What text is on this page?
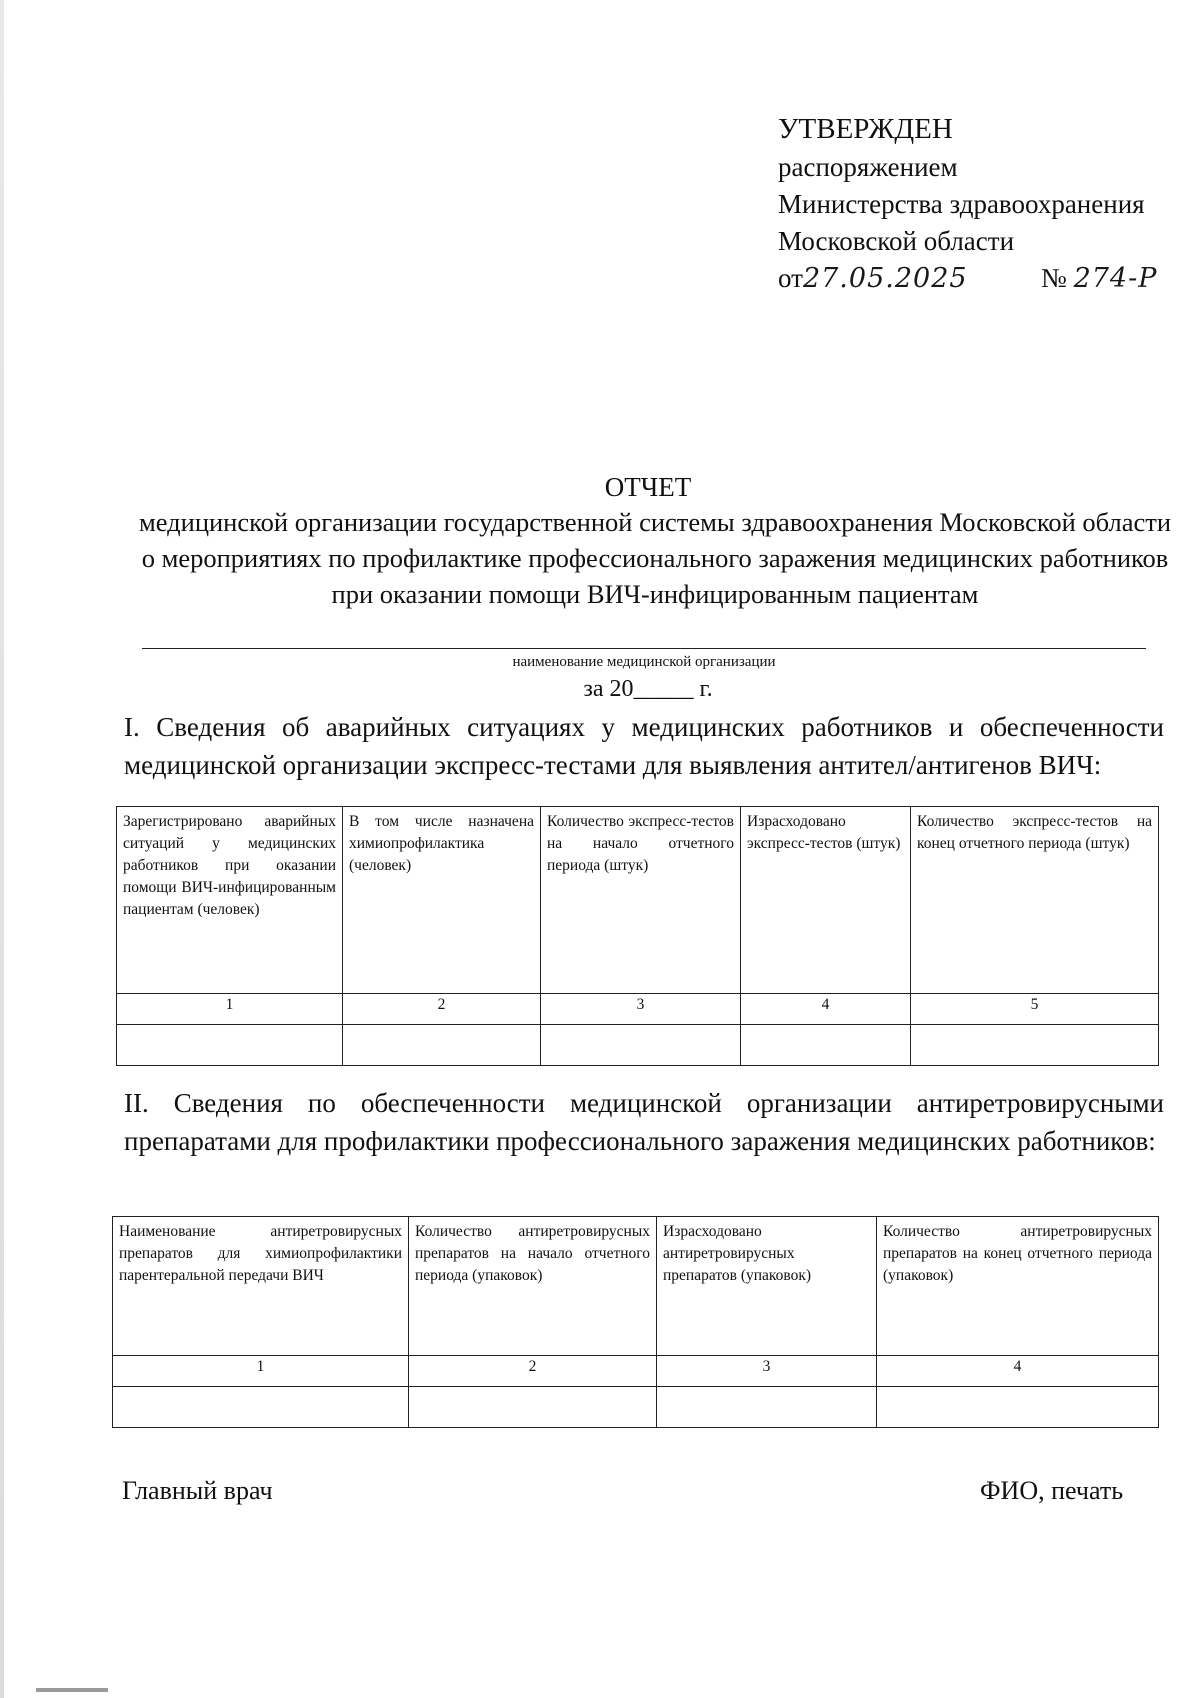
УТВЕРЖДЕН
распоряжением
Министерства здравоохранения
Московской области
от27.05.2025	№ 274-Р
ОТЧЕТ
медицинской организации государственной системы здравоохранения Московской области о мероприятиях по профилактике профессионального заражения медицинских работников при оказании помощи ВИЧ-инфицированным пациентам
наименование медицинской организации
за 20_____ г.
I. Сведения об аварийных ситуациях у медицинских работников и обеспеченности медицинской организации экспресс-тестами для выявления антител/антигенов ВИЧ:
Зарегистрировано аварийных ситуаций у медицинских работников при оказании помощи ВИЧ-инфицированным пациентам (человек)	В том числе назначена химиопрофилактика (человек)	Количество экспресс-тестов на начало отчетного периода (штук)	Израсходовано экспресс-тестов (штук)	Количество экспресс-тестов на конец отчетного периода (штук)
1	2	3	4	5

II. Сведения по обеспеченности медицинской организации антиретровирусными препаратами для профилактики профессионального заражения медицинских работников:
Наименование антиретровирусных препаратов для химиопрофилактики парентеральной передачи ВИЧ	Количество антиретровирусных препаратов на начало отчетного периода (упаковок)	Израсходовано антиретровирусных препаратов (упаковок)	Количество антиретровирусных препаратов на конец отчетного периода (упаковок)
1	2	3	4

Главный врач	ФИО, печать
